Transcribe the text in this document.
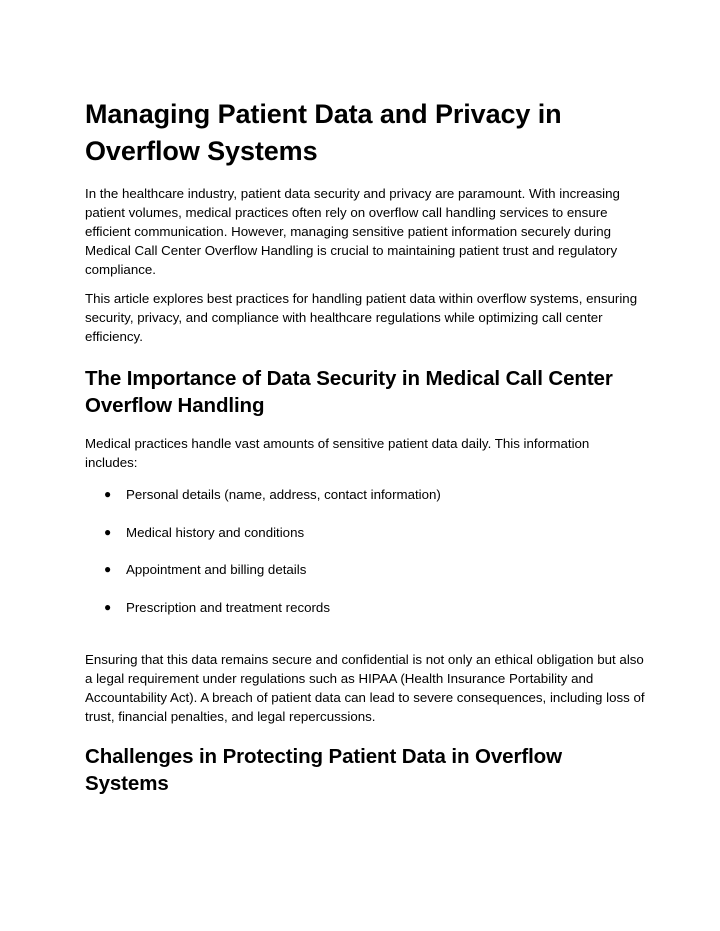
Managing Patient Data and Privacy in Overflow Systems

In the healthcare industry, patient data security and privacy are paramount. With increasing patient volumes, medical practices often rely on overflow call handling services to ensure efficient communication. However, managing sensitive patient information securely during Medical Call Center Overflow Handling is crucial to maintaining patient trust and regulatory compliance.

This article explores best practices for handling patient data within overflow systems, ensuring security, privacy, and compliance with healthcare regulations while optimizing call center efficiency.

The Importance of Data Security in Medical Call Center Overflow Handling

Medical practices handle vast amounts of sensitive patient data daily. This information includes:

● Personal details (name, address, contact information)
● Medical history and conditions
● Appointment and billing details
● Prescription and treatment records

Ensuring that this data remains secure and confidential is not only an ethical obligation but also a legal requirement under regulations such as HIPAA (Health Insurance Portability and Accountability Act). A breach of patient data can lead to severe consequences, including loss of trust, financial penalties, and legal repercussions.

Challenges in Protecting Patient Data in Overflow Systems
